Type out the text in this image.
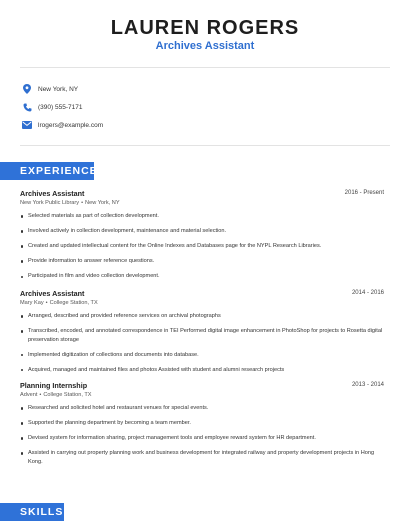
LAUREN ROGERS
Archives Assistant
New York, NY
(390) 555-7171
lrogers@example.com
EXPERIENCE
Archives Assistant	2016 - Present
New York Public Library • New York, NY
Selected materials as part of collection development.
Involved actively in collection development, maintenance and material selection.
Created and updated intellectual content for the Online Indexes and Databases page for the NYPL Research Libraries.
Provide information to answer reference questions.
Participated in film and video collection development.
Archives Assistant	2014 - 2016
Mary Kay • College Station, TX
Arranged, described and provided reference services on archival photographs
Transcribed, encoded, and annotated correspondence in TEI Performed digital image enhancement in PhotoShop for projects to Rosetta digital preservation storage
Implemented digitization of collections and documents into database.
Acquired, managed and maintained files and photos Assisted with student and alumni research projects
Planning Internship	2013 - 2014
Advent • College Station, TX
Researched and solicited hotel and restaurant venues for special events.
Supported the planning department by becoming a team member.
Devised system for information sharing, project management tools and employee reward system for HR department.
Assisted in carrying out property planning work and business development for integrated railway and property development projects in Hong Kong.
SKILLS
